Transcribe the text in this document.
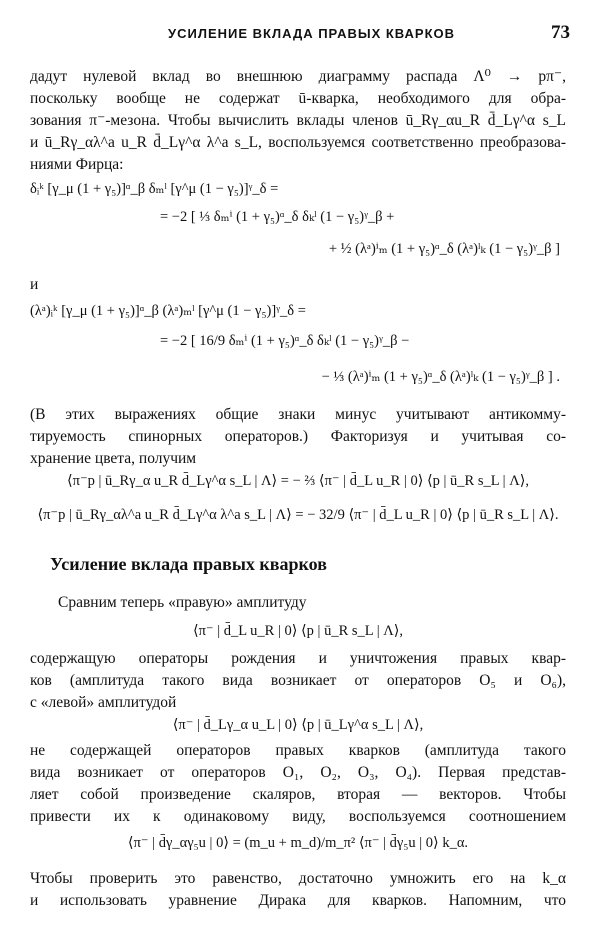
УСИЛЕНИЕ ВКЛАДА ПРАВЫХ КВАРКОВ	73
дадут нулевой вклад во внешнюю диаграмму распада Λ⁰ → pπ⁻,
поскольку вообще не содержат ū-кварка, необходимого для обра-
зования π⁻-мезона. Чтобы вычислить вклады членов ū_Rγ_αu_R d̄_Lγ^α s_L
и ū_Rγ_αλ^a u_R d̄_Lγ^α λ^a s_L, воспользуемся соответственно преобразова-
ниями Фирца:
δᵢᵏ [γ_μ (1 + γ₅)]ᵅ_β δₘˡ [γ^μ (1 − γ₅)]ᵞ_δ =
= −2 [ ⅓ δₘⁱ (1 + γ₅)ᵅ_δ δₖˡ (1 − γ₅)ᵞ_β +
+ ½ (λᵃ)ⁱₘ (1 + γ₅)ᵅ_δ (λᵃ)ˡₖ (1 − γ₅)ᵞ_β ]
и
(λᵃ)ᵢᵏ [γ_μ (1 + γ₅)]ᵅ_β (λᵃ)ₘˡ [γ^μ (1 − γ₅)]ᵞ_δ =
= −2 [ 16/9 δₘⁱ (1 + γ₅)ᵅ_δ δₖˡ (1 − γ₅)ᵞ_β −
− ⅓ (λᵃ)ⁱₘ (1 + γ₅)ᵅ_δ (λᵃ)ˡₖ (1 − γ₅)ᵞ_β ] .
(В этих выражениях общие знаки минус учитывают антикомму-
тируемость спинорных операторов.) Факторизуя и учитывая со-
хранение цвета, получим
⟨π⁻p | ū_Rγ_α u_R d̄_Lγ^α s_L | Λ⟩ = − ⅔ ⟨π⁻ | d̄_L u_R | 0⟩ ⟨p | ū_R s_L | Λ⟩,
⟨π⁻p | ū_Rγ_αλ^a u_R d̄_Lγ^α λ^a s_L | Λ⟩ = − 32/9 ⟨π⁻ | d̄_L u_R | 0⟩ ⟨p | ū_R s_L | Λ⟩.
Усиление вклада правых кварков
Сравним теперь «правую» амплитуду
⟨π⁻ | d̄_L u_R | 0⟩ ⟨p | ū_R s_L | Λ⟩,
содержащую операторы рождения и уничтожения правых квар-
ков (амплитуда такого вида возникает от операторов O₅ и O₆),
с «левой» амплитудой
⟨π⁻ | d̄_Lγ_α u_L | 0⟩ ⟨p | ū_Lγ^α s_L | Λ⟩,
не содержащей операторов правых кварков (амплитуда такого
вида возникает от операторов O₁, O₂, O₃, O₄). Первая представ-
ляет собой произведение скаляров, вторая — векторов. Чтобы
привести их к одинаковому виду, воспользуемся соотношением
⟨π⁻ | d̄γ_αγ₅u | 0⟩ = (m_u + m_d)/m_π² ⟨π⁻ | d̄γ₅u | 0⟩ k_α.
Чтобы проверить это равенство, достаточно умножить его на k_α
и использовать уравнение Дирака для кварков. Напомним, что
